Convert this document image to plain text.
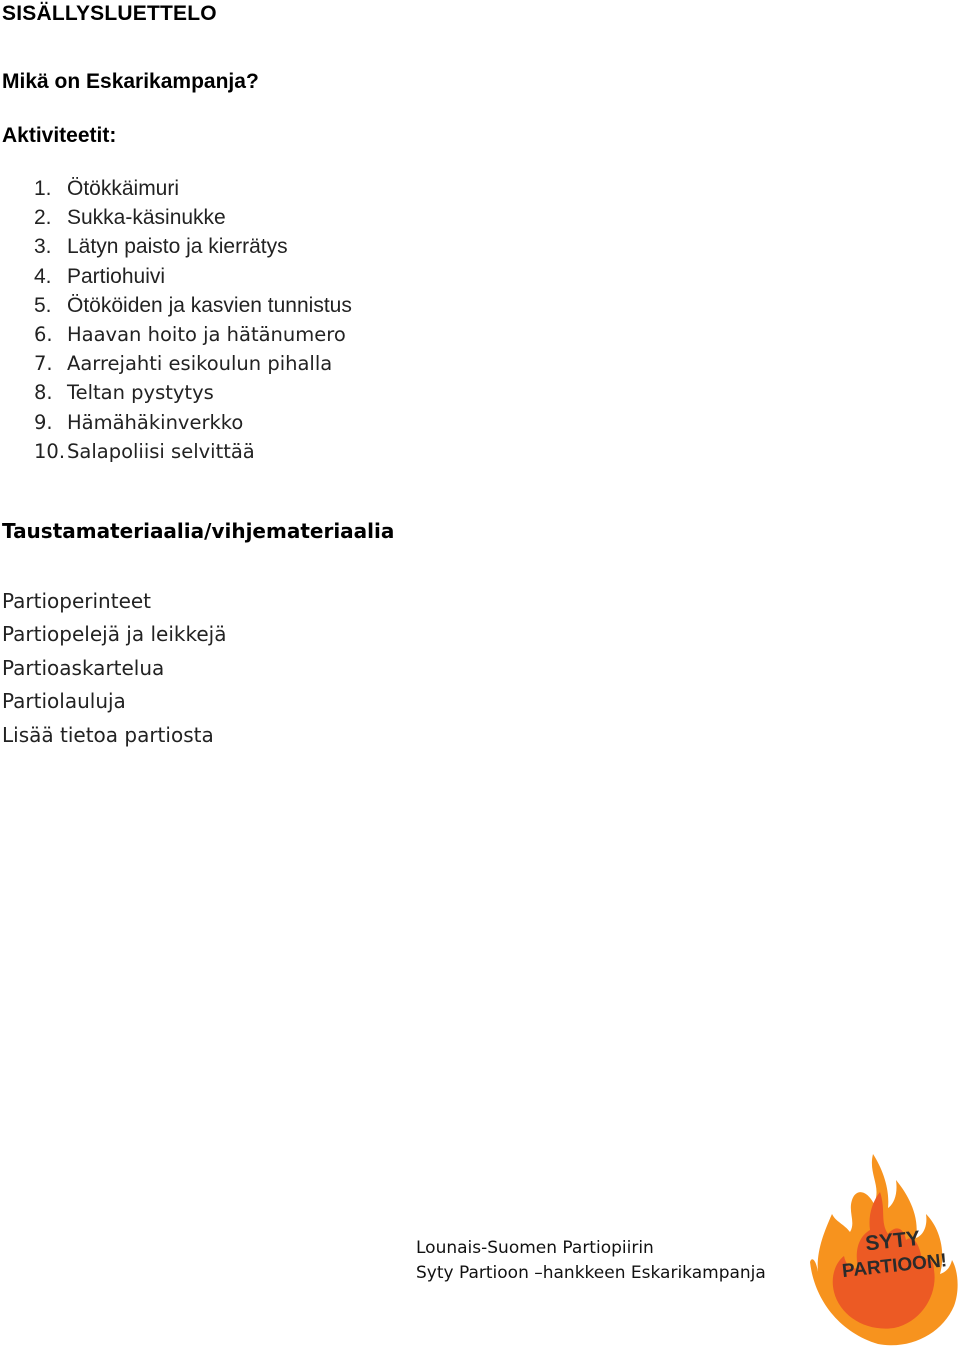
SISÄLLYSLUETTELO
Mikä on Eskarikampanja?
Aktiviteetit:
1. Ötökkäimuri
2. Sukka-käsinukke
3. Lätyn paisto ja kierrätys
4. Partiohuivi
5. Ötököiden ja kasvien tunnistus
6. Haavan hoito ja hätänumero
7. Aarrejahti esikoulun pihalla
8. Teltan pystytys
9. Hämähäkinverkko
10. Salapoliisi selvittää
Taustamateriaalia/vihjemateriaalia
Partioperinteet
Partiopelejä ja leikkejä
Partioaskartelua
Partiolauluja
Lisää tietoa partiosta
Lounais-Suomen Partiopiirin
Syty Partioon –hankkeen Eskarikampanja
SYTY
PARTIOON!
